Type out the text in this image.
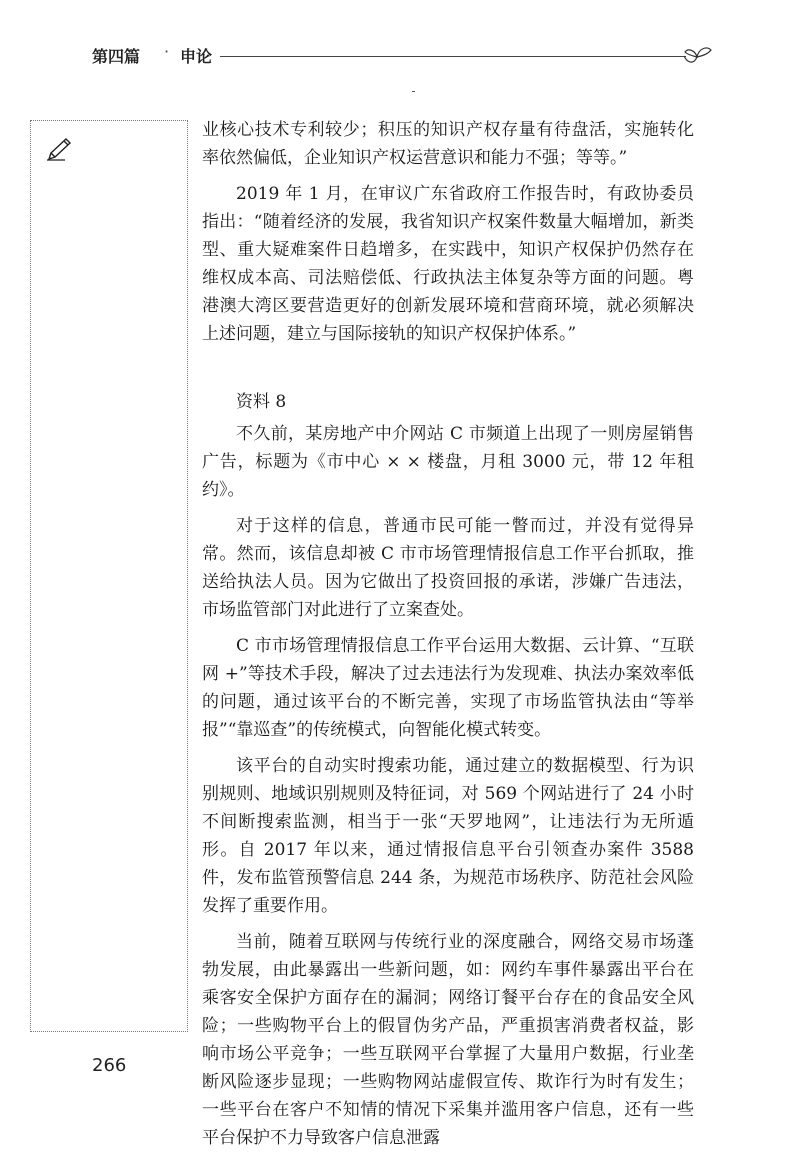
第四篇 · 申论

业核心技术专利较少；积压的知识产权存量有待盘活，实施转化率依然偏低，企业知识产权运营意识和能力不强；等等。”

2019 年 1 月，在审议广东省政府工作报告时，有政协委员指出：“随着经济的发展，我省知识产权案件数量大幅增加，新类型、重大疑难案件日趋增多，在实践中，知识产权保护仍然存在维权成本高、司法赔偿低、行政执法主体复杂等方面的问题。粤港澳大湾区要营造更好的创新发展环境和营商环境，就必须解决上述问题，建立与国际接轨的知识产权保护体系。”

资料 8

不久前，某房地产中介网站 C 市频道上出现了一则房屋销售广告，标题为《市中心 × × 楼盘，月租 3000 元，带 12 年租约》。

对于这样的信息，普通市民可能一瞥而过，并没有觉得异常。然而，该信息却被 C 市市场管理情报信息工作平台抓取，推送给执法人员。因为它做出了投资回报的承诺，涉嫌广告违法，市场监管部门对此进行了立案查处。

C 市市场管理情报信息工作平台运用大数据、云计算、“互联网 +”等技术手段，解决了过去违法行为发现难、执法办案效率低的问题，通过该平台的不断完善，实现了市场监管执法由“等举报”“靠巡查”的传统模式，向智能化模式转变。

该平台的自动实时搜索功能，通过建立的数据模型、行为识别规则、地域识别规则及特征词，对 569 个网站进行了 24 小时不间断搜索监测，相当于一张“天罗地网”，让违法行为无所遁形。自 2017 年以来，通过情报信息平台引领查办案件 3588 件，发布监管预警信息 244 条，为规范市场秩序、防范社会风险发挥了重要作用。

当前，随着互联网与传统行业的深度融合，网络交易市场蓬勃发展，由此暴露出一些新问题，如：网约车事件暴露出平台在乘客安全保护方面存在的漏洞；网络订餐平台存在的食品安全风险；一些购物平台上的假冒伪劣产品，严重损害消费者权益，影响市场公平竞争；一些互联网平台掌握了大量用户数据，行业垄断风险逐步显现；一些购物网站虚假宣传、欺诈行为时有发生；一些平台在客户不知情的情况下采集并滥用客户信息，还有一些平台保护不力导致客户信息泄露

266
